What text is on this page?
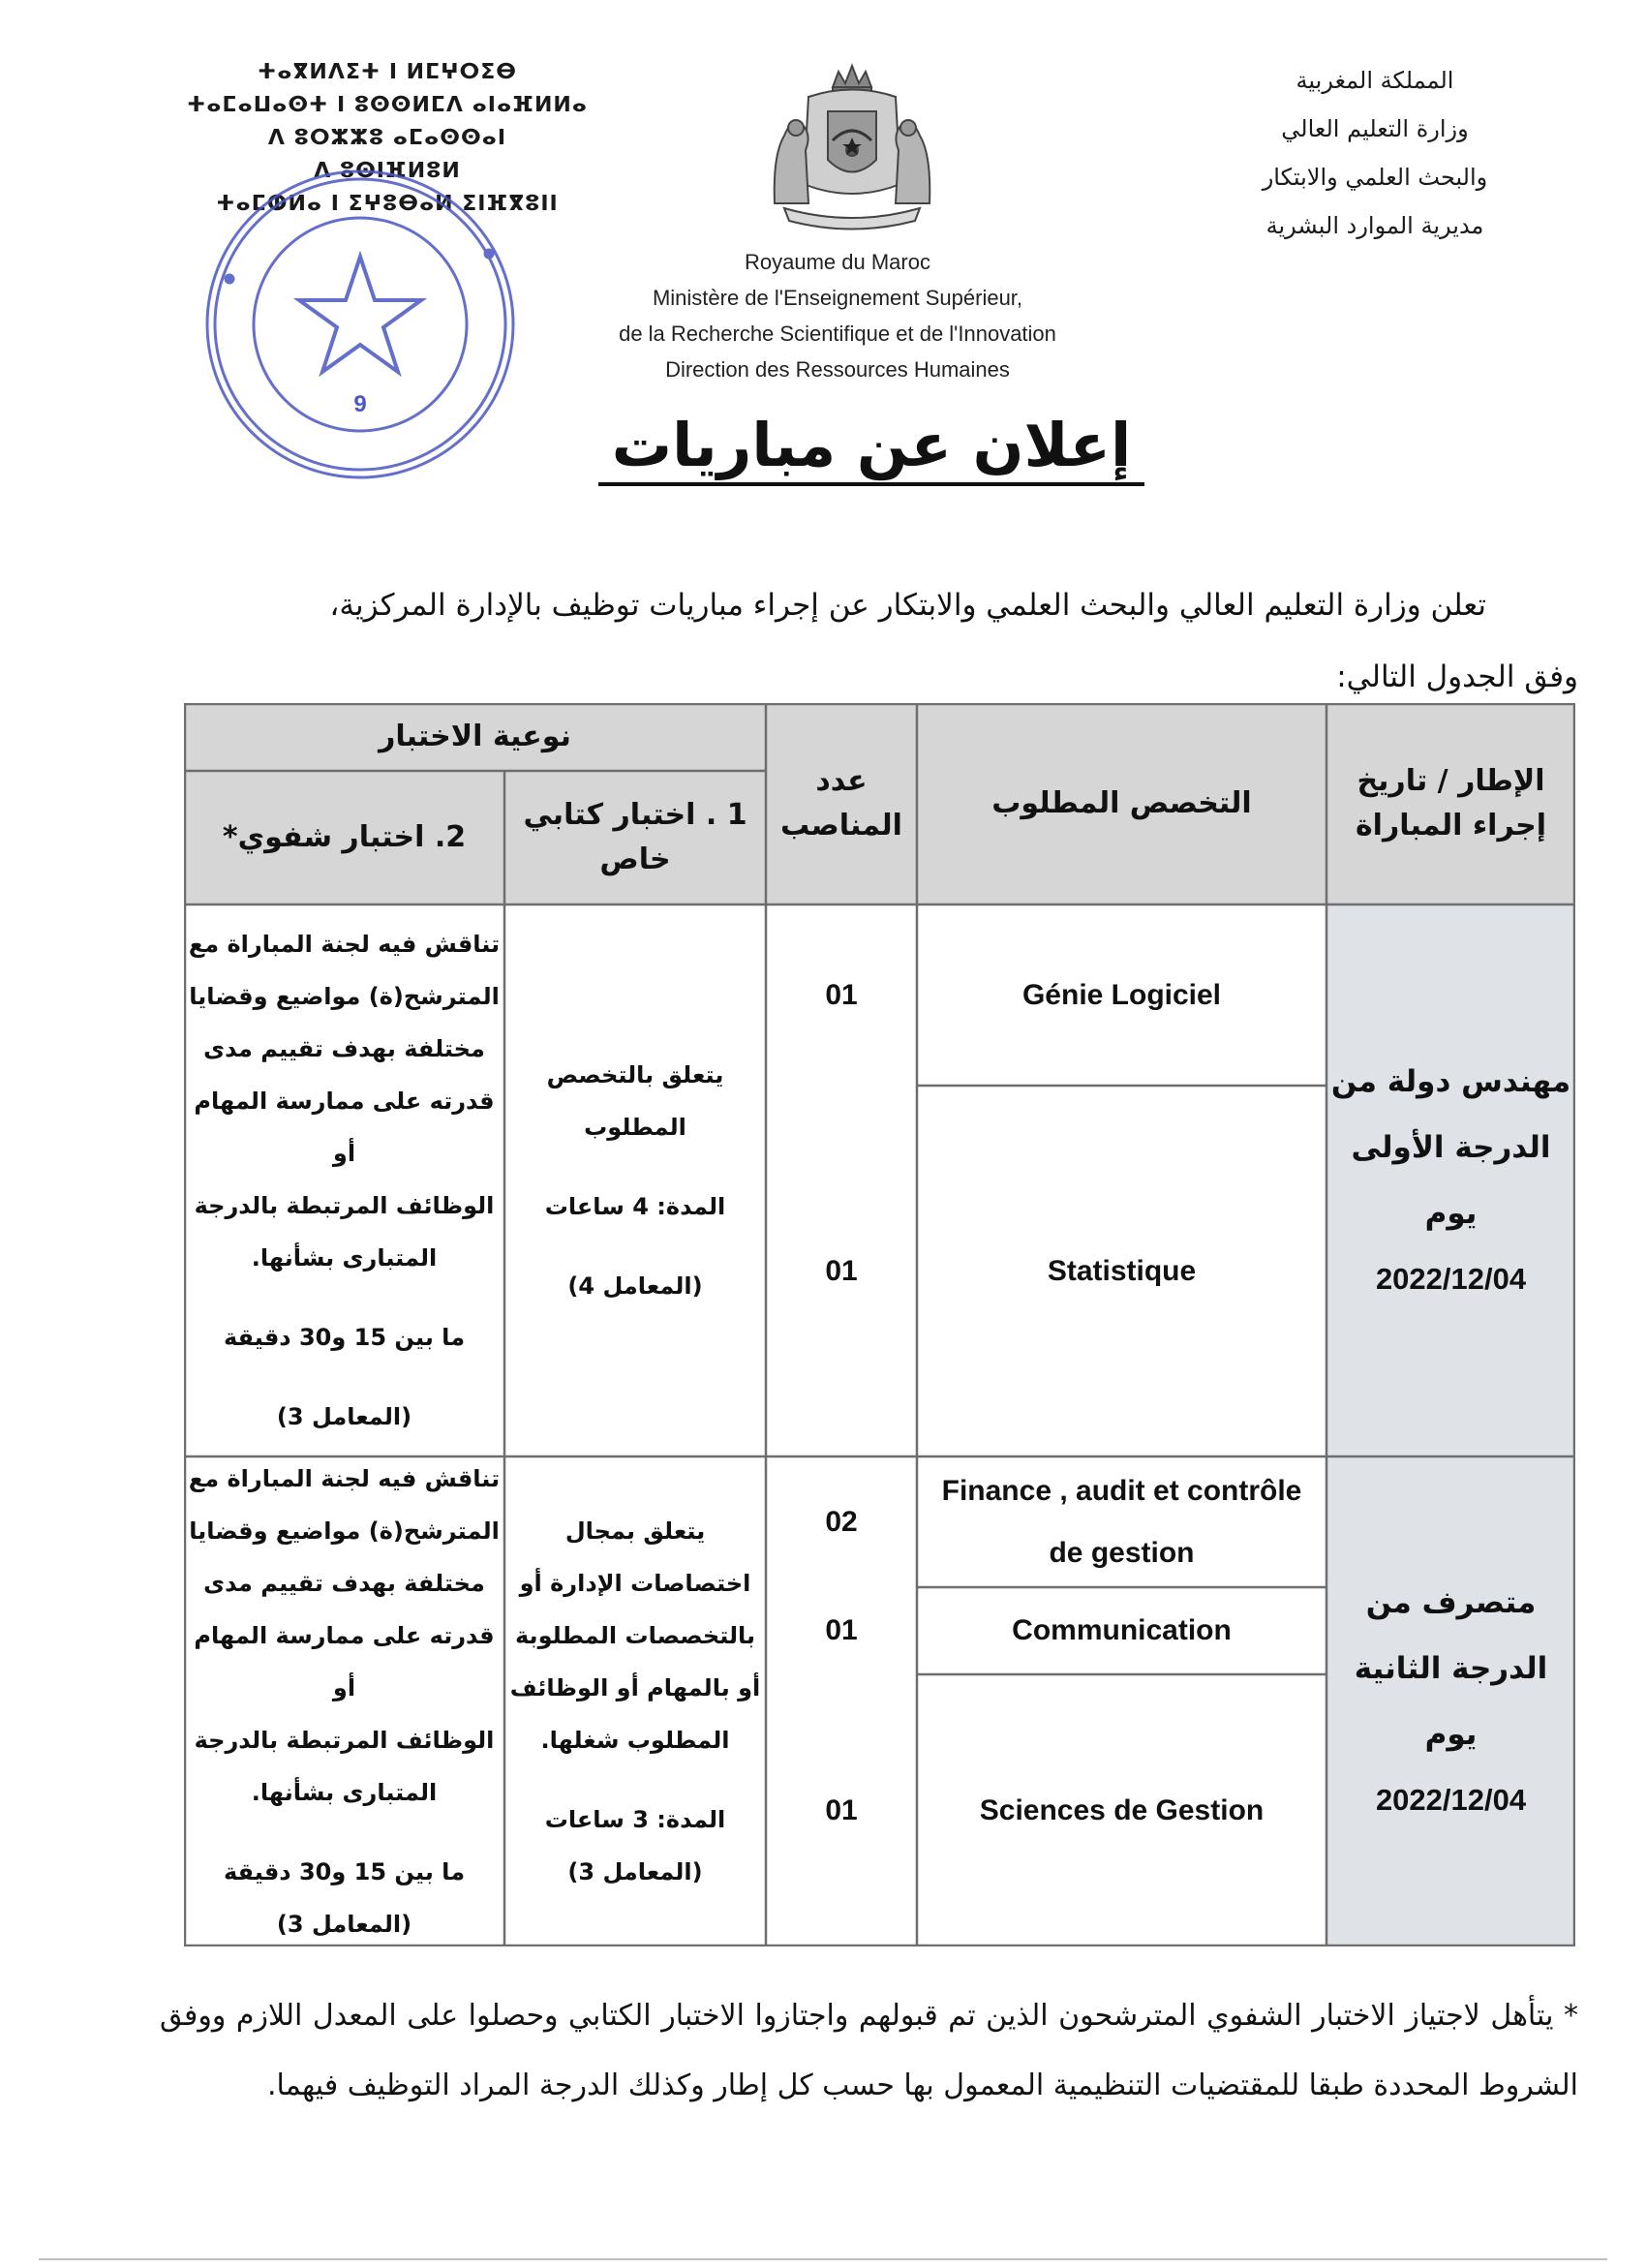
ⵜⴰⴳⵍⴷⵉⵜ ⵏ ⵍⵎⵖⵔⵉⴱ
ⵜⴰⵎⴰⵡⴰⵙⵜ ⵏ ⵓⵙⵙⵍⵎⴷ ⴰⵏⴰⴼⵍⵍⴰ
ⴷ ⵓⵔⵣⵣⵓ ⴰⵎⴰⵙⵙⴰⵏ
ⴷ ⵓⵙⵏⴼⵍⵓⵍ
ⵜⴰⵎⵀⵍⴰ ⵏ ⵉⵖⵓⴱⴰⵍ ⵉⵏⴼⴳⵓⵏⵏ
المملكة المغربية
وزارة التعليم العالي
والبحث العلمي والابتكار
مديرية الموارد البشرية
Royaume du Maroc
Ministère de l'Enseignement Supérieur,
de la Recherche Scientifique et de l'Innovation
Direction des Ressources Humaines
9
إعلان عن مباريات
تعلن وزارة التعليم العالي والبحث العلمي والابتكار عن إجراء مباريات توظيف بالإدارة المركزية،
وفق الجدول التالي:
الإطار / تاريخ
إجراء المباراة
التخصص المطلوب
عدد
المناصب
نوعية الاختبار
1 . اختبار كتابي
خاص
2. اختبار شفوي*
مهندس دولة من
الدرجة الأولى
يوم
2022/12/04
Génie Logiciel
01
Statistique
01
يتعلق بالتخصص
المطلوب
المدة: 4 ساعات
(المعامل 4)
تناقش فيه لجنة المباراة مع
المترشح(ة) مواضيع وقضايا
مختلفة بهدف تقييم مدى
قدرته على ممارسة المهام أو
الوظائف المرتبطة بالدرجة
المتبارى بشأنها.
ما بين 15 و30 دقيقة
(المعامل 3)
متصرف من
الدرجة الثانية
يوم
2022/12/04
Finance , audit et contrôle
de gestion
02
Communication
01
Sciences de Gestion
01
يتعلق بمجال
اختصاصات الإدارة أو
بالتخصصات المطلوبة
أو بالمهام أو الوظائف
المطلوب شغلها.
المدة: 3 ساعات
(المعامل 3)
تناقش فيه لجنة المباراة مع
المترشح(ة) مواضيع وقضايا
مختلفة بهدف تقييم مدى
قدرته على ممارسة المهام أو
الوظائف المرتبطة بالدرجة
المتبارى بشأنها.
ما بين 15 و30 دقيقة
(المعامل 3)
* يتأهل لاجتياز الاختبار الشفوي المترشحون الذين تم قبولهم واجتازوا الاختبار الكتابي وحصلوا على المعدل اللازم ووفق الشروط المحددة طبقا للمقتضيات التنظيمية المعمول بها حسب كل إطار وكذلك الدرجة المراد التوظيف فيهما.
